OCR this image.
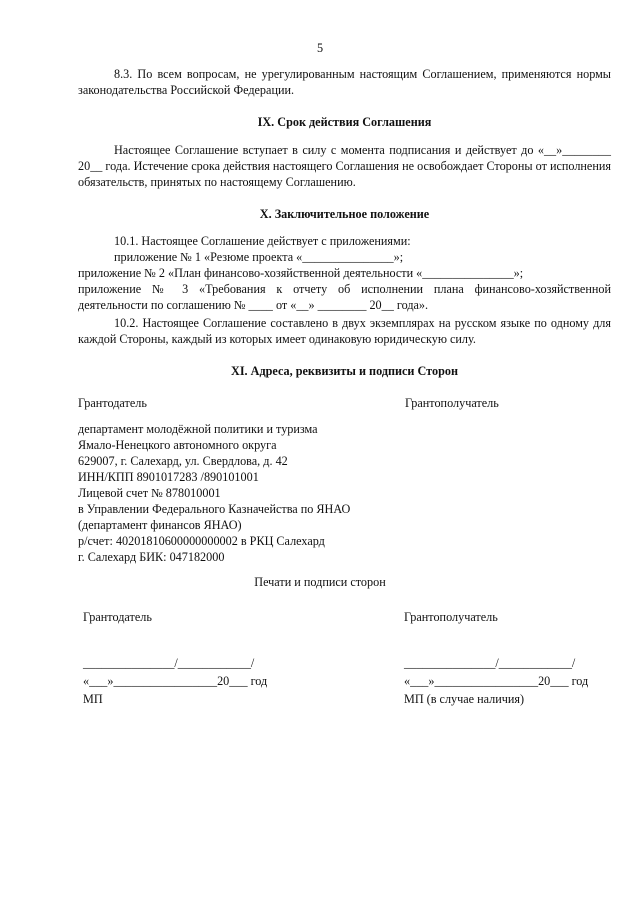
5
8.3. По всем вопросам, не урегулированным настоящим Соглашением, применяются нормы законодательства Российской Федерации.
IX. Срок действия Соглашения
Настоящее Соглашение вступает в силу с момента подписания и действует до «__»________ 20__ года. Истечение срока действия настоящего Соглашения не освобождает Стороны от исполнения обязательств, принятых по настоящему Соглашению.
X. Заключительное положение
10.1. Настоящее Соглашение действует с приложениями:
приложение № 1 «Резюме проекта «_______________»;
приложение № 2 «План финансово-хозяйственной деятельности «_______________»;
приложение № 3 «Требования к отчету об исполнении плана финансово-хозяйственной
деятельности по соглашению № ____ от «__» ________ 20__ года».
10.2. Настоящее Соглашение составлено в двух экземплярах на русском языке по одному для каждой Стороны, каждый из которых имеет одинаковую юридическую силу.
XI. Адреса, реквизиты и подписи Сторон
Грантодатель	Грантополучатель
департамент молодёжной политики и туризма
Ямало-Ненецкого автономного округа
629007, г. Салехард, ул. Свердлова, д. 42
ИНН/КПП 8901017283 /890101001
Лицевой счет № 878010001
в Управлении Федерального Казначейства по ЯНАО
(департамент финансов ЯНАО)
р/счет: 40201810600000000002 в РКЦ Салехард
г. Салехард БИК: 047182000
Печати и подписи сторон
Грантодатель	Грантополучатель
_______________/____________/	_______________/____________/
«___»_________________20___ год	«___»_________________20___ год
МП	МП (в случае наличия)
